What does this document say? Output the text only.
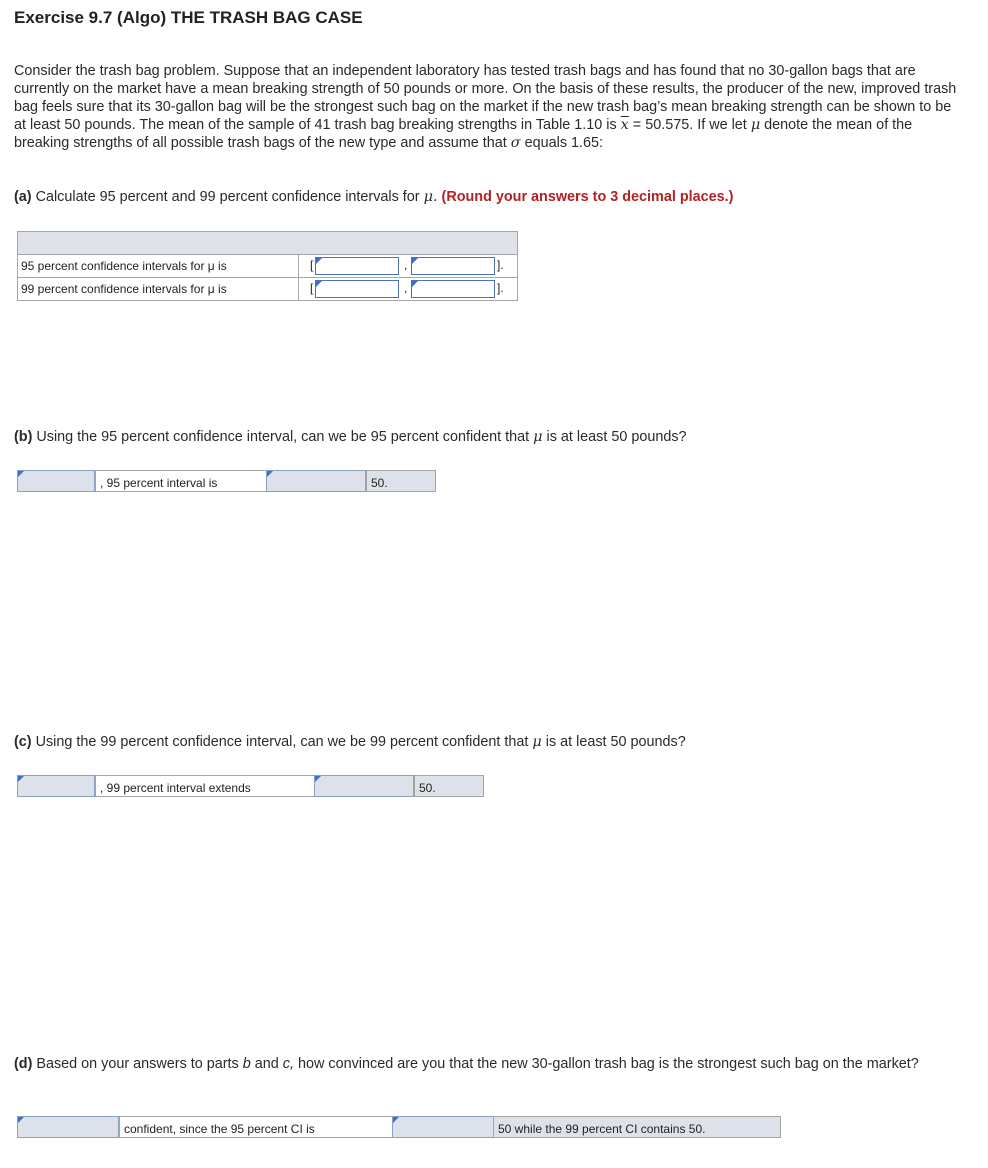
Exercise 9.7 (Algo) THE TRASH BAG CASE

Consider the trash bag problem. Suppose that an independent laboratory has tested trash bags and has found that no 30-gallon bags that are currently on the market have a mean breaking strength of 50 pounds or more. On the basis of these results, the producer of the new, improved trash bag feels sure that its 30-gallon bag will be the strongest such bag on the market if the new trash bag’s mean breaking strength can be shown to be at least 50 pounds. The mean of the sample of 41 trash bag breaking strengths in Table 1.10 is $\overline{x} = 50.575$. If we let μ denote the mean of the breaking strengths of all possible trash bags of the new type and assume that σ equals 1.65:

(a) Calculate 95 percent and 99 percent confidence intervals for μ. (Round your answers to 3 decimal places.)

95 percent confidence intervals for μ is	[	,	].
99 percent confidence intervals for μ is	[	,	].

(b) Using the 95 percent confidence interval, can we be 95 percent confident that μ is at least 50 pounds?

, 95 percent interval is	50.

(c) Using the 99 percent confidence interval, can we be 99 percent confident that μ is at least 50 pounds?

, 99 percent interval extends	50.

(d) Based on your answers to parts b and c, how convinced are you that the new 30-gallon trash bag is the strongest such bag on the market?

confident, since the 95 percent CI is	50 while the 99 percent CI contains 50.
